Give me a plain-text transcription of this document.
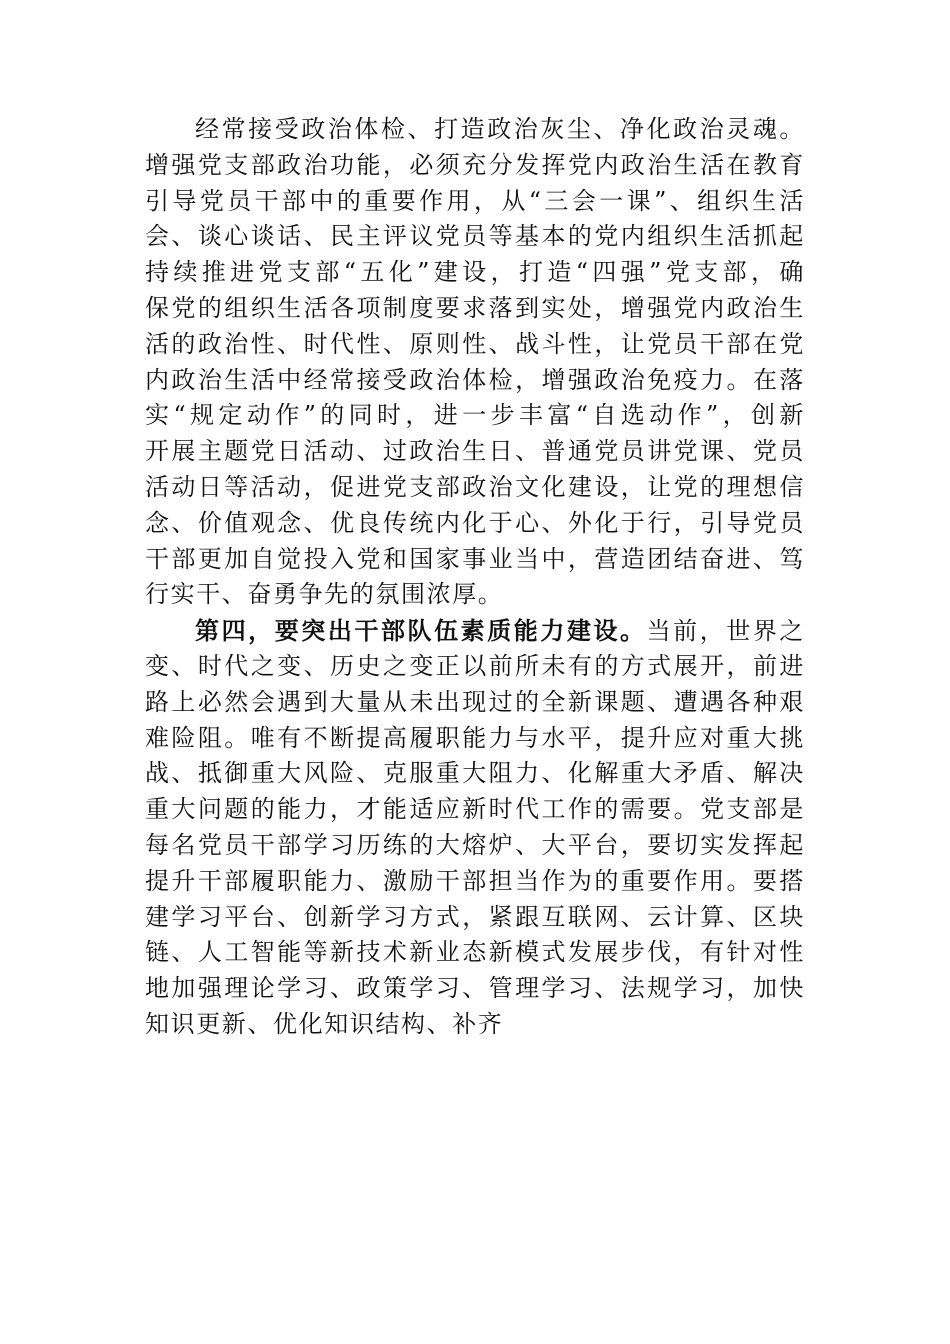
经常接受政治体检、打造政治灰尘、净化政治灵魂。
增强党支部政治功能，必须充分发挥党内政治生活在教育
引导党员干部中的重要作用，从“三会一课”、组织生活
会、谈心谈话、民主评议党员等基本的党内组织生活抓起
持续推进党支部“五化”建设，打造“四强”党支部，确
保党的组织生活各项制度要求落到实处，增强党内政治生
活的政治性、时代性、原则性、战斗性，让党员干部在党
内政治生活中经常接受政治体检，增强政治免疫力。在落
实“规定动作”的同时，进一步丰富“自选动作”，创新
开展主题党日活动、过政治生日、普通党员讲党课、党员
活动日等活动，促进党支部政治文化建设，让党的理想信
念、价值观念、优良传统内化于心、外化于行，引导党员
干部更加自觉投入党和国家事业当中，营造团结奋进、笃
行实干、奋勇争先的氛围浓厚。
第四，要突出干部队伍素质能力建设。当前，世界之
变、时代之变、历史之变正以前所未有的方式展开，前进
路上必然会遇到大量从未出现过的全新课题、遭遇各种艰
难险阻。唯有不断提高履职能力与水平，提升应对重大挑
战、抵御重大风险、克服重大阻力、化解重大矛盾、解决
重大问题的能力，才能适应新时代工作的需要。党支部是
每名党员干部学习历练的大熔炉、大平台，要切实发挥起
提升干部履职能力、激励干部担当作为的重要作用。要搭
建学习平台、创新学习方式，紧跟互联网、云计算、区块
链、人工智能等新技术新业态新模式发展步伐，有针对性
地加强理论学习、政策学习、管理学习、法规学习，加快
知识更新、优化知识结构、补齐
